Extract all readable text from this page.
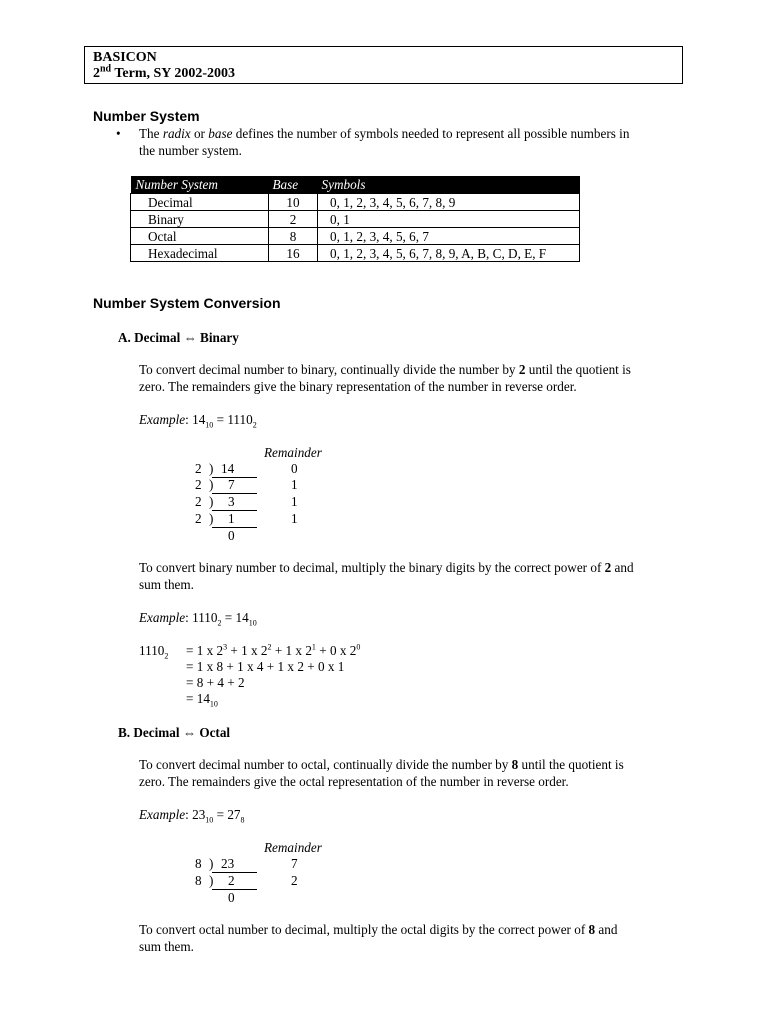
BASICON
2nd Term, SY 2002-2003
Number System
• The radix or base defines the number of symbols needed to represent all possible numbers in
the number system.
Number System	Base	Symbols
Decimal	10	0, 1, 2, 3, 4, 5, 6, 7, 8, 9
Binary	2	0, 1
Octal	8	0, 1, 2, 3, 4, 5, 6, 7
Hexadecimal	16	0, 1, 2, 3, 4, 5, 6, 7, 8, 9, A, B, C, D, E, F
Number System Conversion
A. Decimal ⇔ Binary
To convert decimal number to binary, continually divide the number by 2 until the quotient is
zero. The remainders give the binary representation of the number in reverse order.
Example: $14_{10} = 1110_2$
Remainder
2 ) 14	0
2 ) 7	1
2 ) 3	1
2 ) 1	1
0
To convert binary number to decimal, multiply the binary digits by the correct power of 2 and
sum them.
Example: $1110_2 = 14_{10}$
$1110_2 = 1$ x $2^3 + 1$ x $2^2 + 1$ x $2^1 + 0$ x $2^0$
= 1 x 8 + 1 x 4 + 1 x 2 + 0 x 1
= 8 + 4 + 2
= $14_{10}$
B. Decimal ⇔ Octal
To convert decimal number to octal, continually divide the number by 8 until the quotient is
zero. The remainders give the octal representation of the number in reverse order.
Example: $23_{10} = 27_8$
Remainder
8 ) 23	7
8 ) 2	2
0
To convert octal number to decimal, multiply the octal digits by the correct power of 8 and
sum them.
